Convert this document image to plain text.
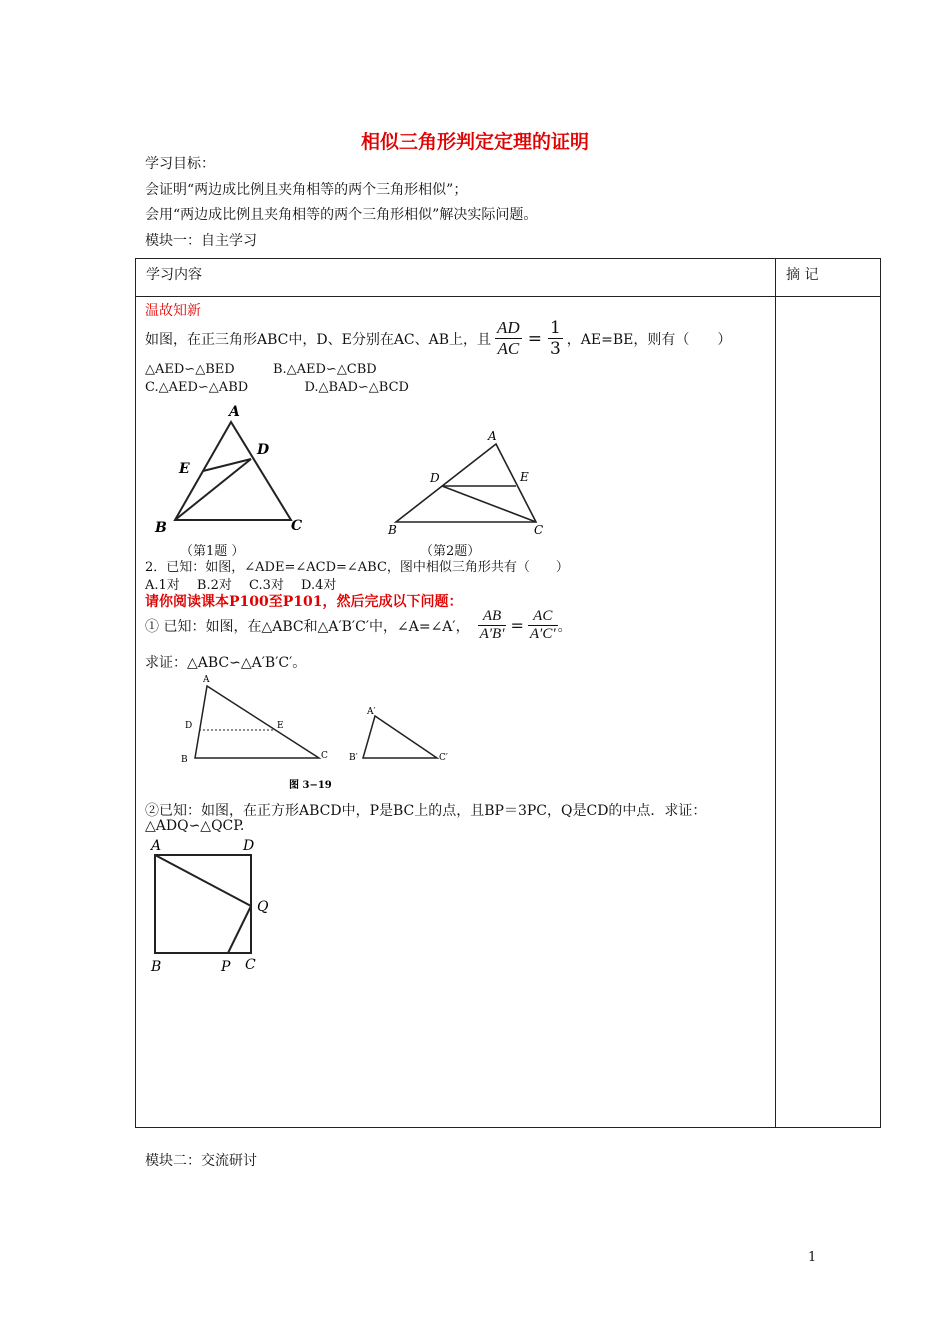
相似三角形判定定理的证明
学习目标：
会证明“两边成比例且夹角相等的两个三角形相似”；
会用“两边成比例且夹角相等的两个三角形相似”解决实际问题。
模块一：自主学习
学习内容	摘 记
温故知新
如图，在正三角形ABC中，D、E分别在AC、AB上，且 $\frac{AD}{AC} = \frac{1}{3}$ ，AE=BE，则有（　　）
△AED∽△BED	B.△AED∽△CBD
C.△AED∽△ABD	D.△BAD∽△BCD
A
E
D
B	C
A
D	E
B	C
（第1题 ）	（第2题）
2．已知：如图，∠ADE=∠ACD=∠ABC，图中相似三角形共有（　　）
A.1对　 B.2对　 C.3对　 D.4对
请你阅读课本P100至P101，然后完成以下问题：
① 已知：如图，在△ABC和△A′B′C′中，∠A=∠A′， $\frac{AB}{A'B'} = \frac{AC}{A'C'}$ 。
求证：△ABC∽△A′B′C′。
A
D	E
B	C
A′
B′	C′
图 3−19
②已知：如图，在正方形ABCD中，P是BC上的点，且BP＝3PC，Q是CD的中点．求证：
△ADQ∽△QCP.
A	D
Q
B	P C
模块二：交流研讨
1
